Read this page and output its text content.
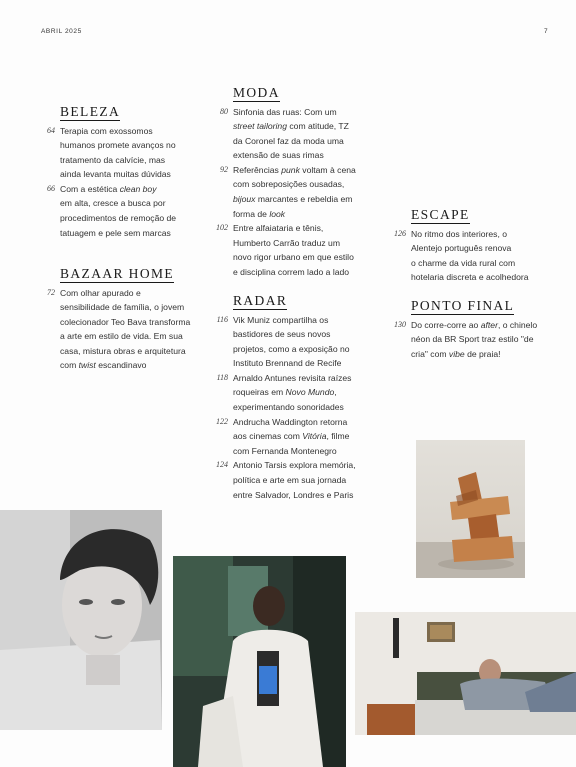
ABRIL 2025	7
BELEZA
64 Terapia com exossomos
humanos promete avanços no
tratamento da calvície, mas
ainda levanta muitas dúvidas
66 Com a estética clean boy
em alta, cresce a busca por
procedimentos de remoção de
tatuagem e pele sem marcas
BAZAAR HOME
72 Com olhar apurado e
sensibilidade de família, o jovem
colecionador Teo Bava transforma
a arte em estilo de vida. Em sua
casa, mistura obras e arquitetura
com twist escandinavo
MODA
80 Sinfonia das ruas: Com um
street tailoring com atitude, TZ
da Coronel faz da moda uma
extensão de suas rimas
92 Referências punk voltam à cena
com sobreposições ousadas,
bijoux marcantes e rebeldia em
forma de look
102 Entre alfaiataria e tênis,
Humberto Carrão traduz um
novo rigor urbano em que estilo
e disciplina correm lado a lado
RADAR
116 Vik Muniz compartilha os
bastidores de seus novos
projetos, como a exposição no
Instituto Brennand de Recife
118 Arnaldo Antunes revisita raízes
roqueiras em Novo Mundo,
experimentando sonoridades
122 Andrucha Waddington retorna
aos cinemas com Vitória, filme
com Fernanda Montenegro
124 Antonio Tarsis explora memória,
política e arte em sua jornada
entre Salvador, Londres e Paris
ESCAPE
126 No ritmo dos interiores, o
Alentejo português renova
o charme da vida rural com
hotelaria discreta e acolhedora
PONTO FINAL
130 Do corre-corre ao after, o chinelo
néon da BR Sport traz estilo "de
cria" com vibe de praia!
